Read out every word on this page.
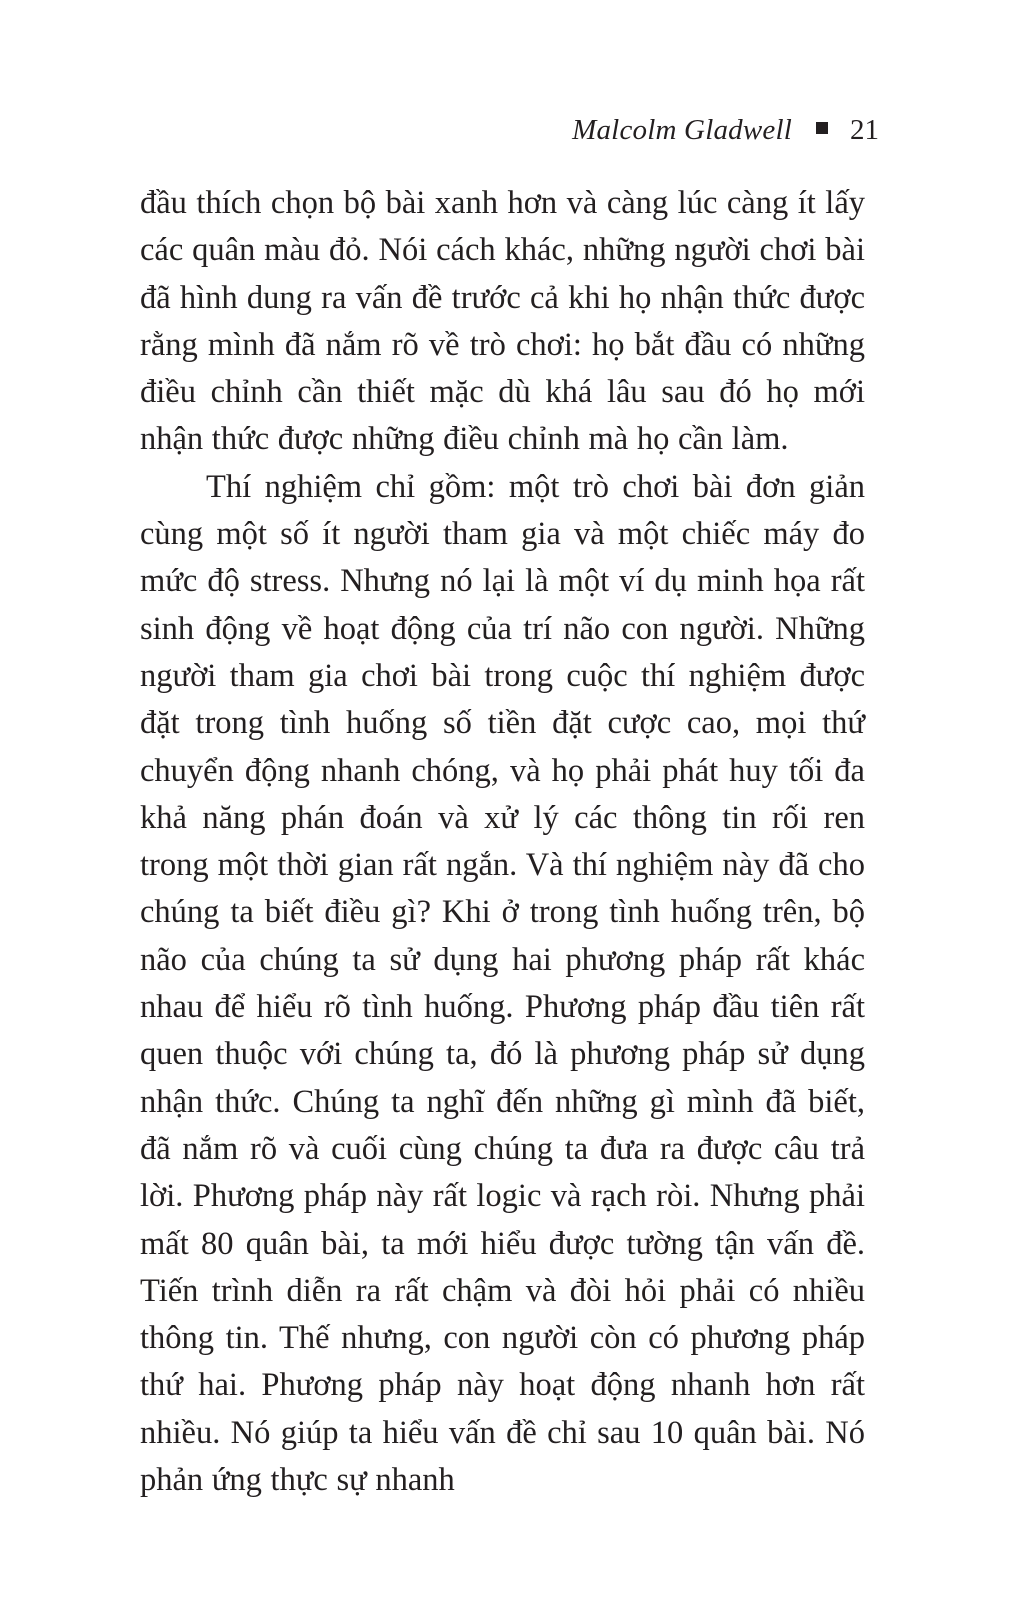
Malcolm Gladwell 21

đầu thích chọn bộ bài xanh hơn và càng lúc càng ít lấy các quân màu đỏ. Nói cách khác, những người chơi bài đã hình dung ra vấn đề trước cả khi họ nhận thức được rằng mình đã nắm rõ về trò chơi: họ bắt đầu có những điều chỉnh cần thiết mặc dù khá lâu sau đó họ mới nhận thức được những điều chỉnh mà họ cần làm.

Thí nghiệm chỉ gồm: một trò chơi bài đơn giản cùng một số ít người tham gia và một chiếc máy đo mức độ stress. Nhưng nó lại là một ví dụ minh họa rất sinh động về hoạt động của trí não con người. Những người tham gia chơi bài trong cuộc thí nghiệm được đặt trong tình huống số tiền đặt cược cao, mọi thứ chuyển động nhanh chóng, và họ phải phát huy tối đa khả năng phán đoán và xử lý các thông tin rối ren trong một thời gian rất ngắn. Và thí nghiệm này đã cho chúng ta biết điều gì? Khi ở trong tình huống trên, bộ não của chúng ta sử dụng hai phương pháp rất khác nhau để hiểu rõ tình huống. Phương pháp đầu tiên rất quen thuộc với chúng ta, đó là phương pháp sử dụng nhận thức. Chúng ta nghĩ đến những gì mình đã biết, đã nắm rõ và cuối cùng chúng ta đưa ra được câu trả lời. Phương pháp này rất logic và rạch ròi. Nhưng phải mất 80 quân bài, ta mới hiểu được tường tận vấn đề. Tiến trình diễn ra rất chậm và đòi hỏi phải có nhiều thông tin. Thế nhưng, con người còn có phương pháp thứ hai. Phương pháp này hoạt động nhanh hơn rất nhiều. Nó giúp ta hiểu vấn đề chỉ sau 10 quân bài. Nó phản ứng thực sự nhanh
